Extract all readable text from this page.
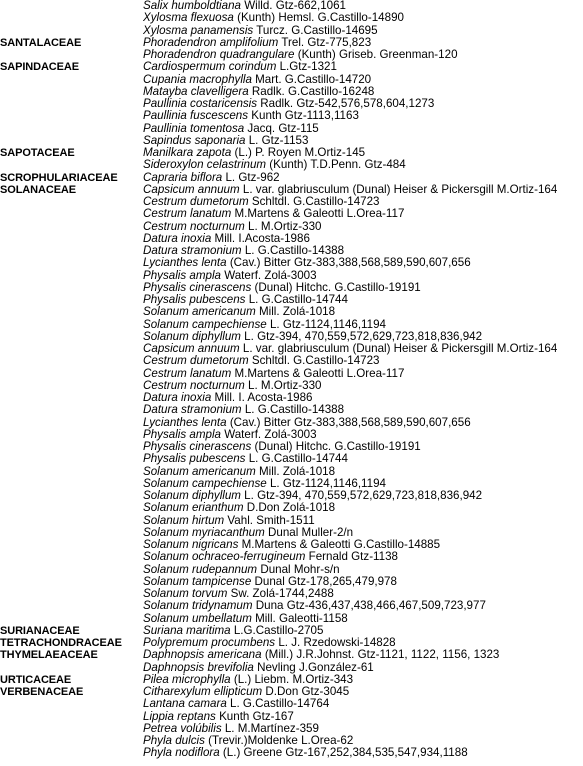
Salix humboldtiana Willd. Gtz-662,1061
Xylosma flexuosa (Kunth) Hemsl. G.Castillo-14890
Xylosma panamensis Turcz. G.Castillo-14695
SANTALACEAE	Phoradendron amplifolium Trel. Gtz-775,823
Phoradendron quadrangulare (Kunth) Griseb. Greenman-120
SAPINDACEAE	Cardiospermum corindum L.Gtz-1321
Cupania macrophylla Mart. G.Castillo-14720
Matayba clavelligera Radlk. G.Castillo-16248
Paullinia costaricensis Radlk. Gtz-542,576,578,604,1273
Paullinia fuscescens Kunth Gtz-1113,1163
Paullinia tomentosa Jacq. Gtz-115
Sapindus saponaria L. Gtz-1153
SAPOTACEAE	Manilkara zapota (L.) P. Royen M.Ortiz-145
Sideroxylon celastrinum (Kunth) T.D.Penn. Gtz-484
SCROPHULARIACEAE	Capraria biflora L. Gtz-962
SOLANACEAE	Capsicum annuum L. var. glabriusculum (Dunal) Heiser & Pickersgill M.Ortiz-164
Cestrum dumetorum Schltdl. G.Castillo-14723
Cestrum lanatum M.Martens & Galeotti L.Orea-117
Cestrum nocturnum L. M.Ortiz-330
Datura inoxia Mill. I.Acosta-1986
Datura stramonium L. G.Castillo-14388
Lycianthes lenta (Cav.) Bitter Gtz-383,388,568,589,590,607,656
Physalis ampla Waterf. Zolá-3003
Physalis cinerascens (Dunal) Hitchc. G.Castillo-19191
Physalis pubescens L. G.Castillo-14744
Solanum americanum Mill. Zolá-1018
Solanum campechiense L. Gtz-1124,1146,1194
Solanum diphyllum L. Gtz-394, 470,559,572,629,723,818,836,942
Capsicum annuum L. var. glabriusculum (Dunal) Heiser & Pickersgill M.Ortiz-164
Cestrum dumetorum Schltdl. G.Castillo-14723
Cestrum lanatum M.Martens & Galeotti L.Orea-117
Cestrum nocturnum L. M.Ortiz-330
Datura inoxia Mill. I. Acosta-1986
Datura stramonium L. G.Castillo-14388
Lycianthes lenta (Cav.) Bitter Gtz-383,388,568,589,590,607,656
Physalis ampla Waterf. Zolá-3003
Physalis cinerascens (Dunal) Hitchc. G.Castillo-19191
Physalis pubescens L. G.Castillo-14744
Solanum americanum Mill. Zolá-1018
Solanum campechiense L. Gtz-1124,1146,1194
Solanum diphyllum L. Gtz-394, 470,559,572,629,723,818,836,942
Solanum erianthum D.Don Zolá-1018
Solanum hirtum Vahl. Smith-1511
Solanum myriacanthum Dunal Muller-2/n
Solanum nigricans M.Martens & Galeotti G.Castillo-14885
Solanum ochraceo-ferrugineum Fernald Gtz-1138
Solanum rudepannum Dunal Mohr-s/n
Solanum tampicense Dunal Gtz-178,265,479,978
Solanum torvum Sw. Zolá-1744,2488
Solanum tridynamum Duna Gtz-436,437,438,466,467,509,723,977
Solanum umbellatum Mill. Galeotti-1158
SURIANACEAE	Suriana maritima L.G.Castillo-2705
TETRACHONDRACEAE	Polypremum procumbens L. J. Rzedowski-14828
THYMELAEACEAE	Daphnopsis americana (Mill.) J.R.Johnst. Gtz-1121, 1122, 1156, 1323
Daphnopsis brevifolia Nevling J.González-61
URTICACEAE	Pilea microphylla (L.) Liebm. M.Ortiz-343
VERBENACEAE	Citharexylum ellipticum D.Don Gtz-3045
Lantana camara L. G.Castillo-14764
Lippia reptans Kunth Gtz-167
Petrea volúbilis L. M.Martínez-359
Phyla dulcis (Trevir.)Moldenke L.Orea-62
Phyla nodiflora (L.) Greene Gtz-167,252,384,535,547,934,1188
